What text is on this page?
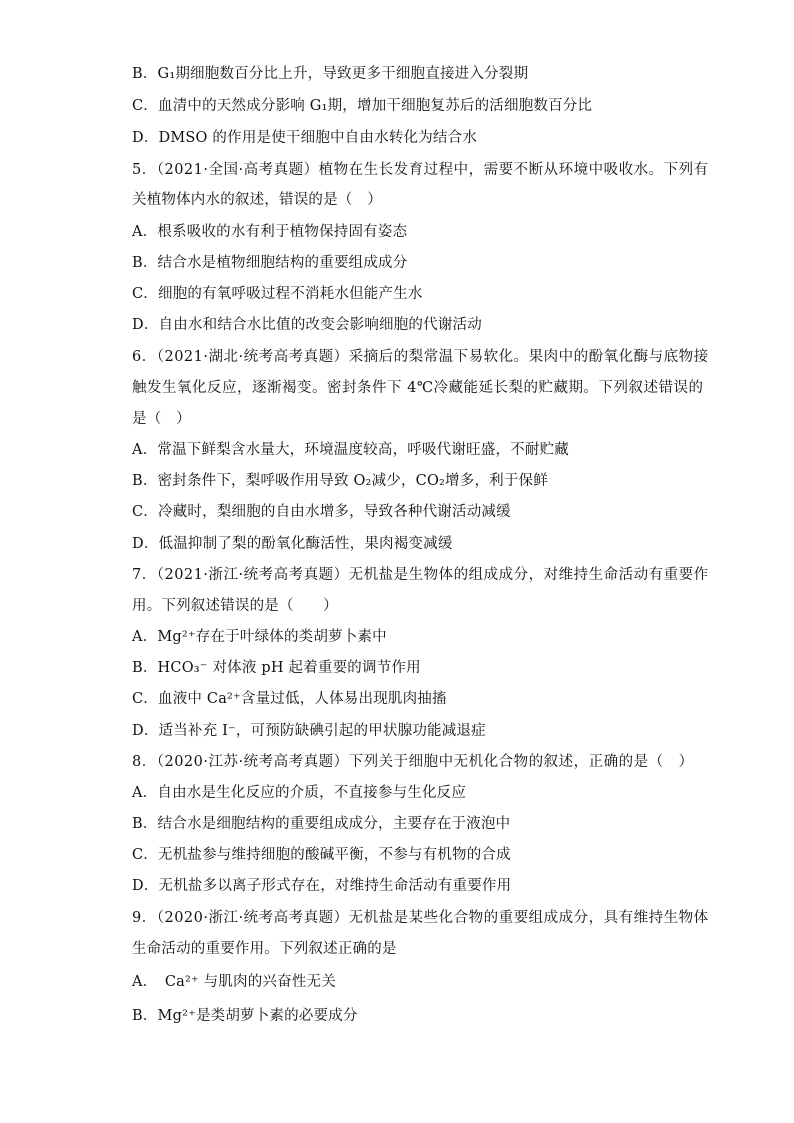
B．G₁期细胞数百分比上升，导致更多干细胞直接进入分裂期
C．血清中的天然成分影响 G₁期，增加干细胞复苏后的活细胞数百分比
D．DMSO 的作用是使干细胞中自由水转化为结合水
5．（2021·全国·高考真题）植物在生长发育过程中，需要不断从环境中吸收水。下列有
关植物体内水的叙述，错误的是（　）
A．根系吸收的水有利于植物保持固有姿态
B．结合水是植物细胞结构的重要组成成分
C．细胞的有氧呼吸过程不消耗水但能产生水
D．自由水和结合水比值的改变会影响细胞的代谢活动
6．（2021·湖北·统考高考真题）采摘后的梨常温下易软化。果肉中的酚氧化酶与底物接
触发生氧化反应，逐渐褐变。密封条件下 4℃冷藏能延长梨的贮藏期。下列叙述错误的
是（　）
A．常温下鲜梨含水量大，环境温度较高，呼吸代谢旺盛，不耐贮藏
B．密封条件下，梨呼吸作用导致 O₂减少，CO₂增多，利于保鲜
C．冷藏时，梨细胞的自由水增多，导致各种代谢活动减缓
D．低温抑制了梨的酚氧化酶活性，果肉褐变减缓
7．（2021·浙江·统考高考真题）无机盐是生物体的组成成分，对维持生命活动有重要作
用。下列叙述错误的是（　　）
A．Mg²⁺存在于叶绿体的类胡萝卜素中
B．HCO₃⁻ 对体液 pH 起着重要的调节作用
C．血液中 Ca²⁺含量过低，人体易出现肌肉抽搐
D．适当补充 I⁻，可预防缺碘引起的甲状腺功能减退症
8．（2020·江苏·统考高考真题）下列关于细胞中无机化合物的叙述，正确的是（　）
A．自由水是生化反应的介质，不直接参与生化反应
B．结合水是细胞结构的重要组成成分，主要存在于液泡中
C．无机盐参与维持细胞的酸碱平衡，不参与有机物的合成
D．无机盐多以离子形式存在，对维持生命活动有重要作用
9．（2020·浙江·统考高考真题）无机盐是某些化合物的重要组成成分，具有维持生物体
生命活动的重要作用。下列叙述正确的是
A．　Ca²⁺ 与肌肉的兴奋性无关
B．Mg²⁺是类胡萝卜素的必要成分
